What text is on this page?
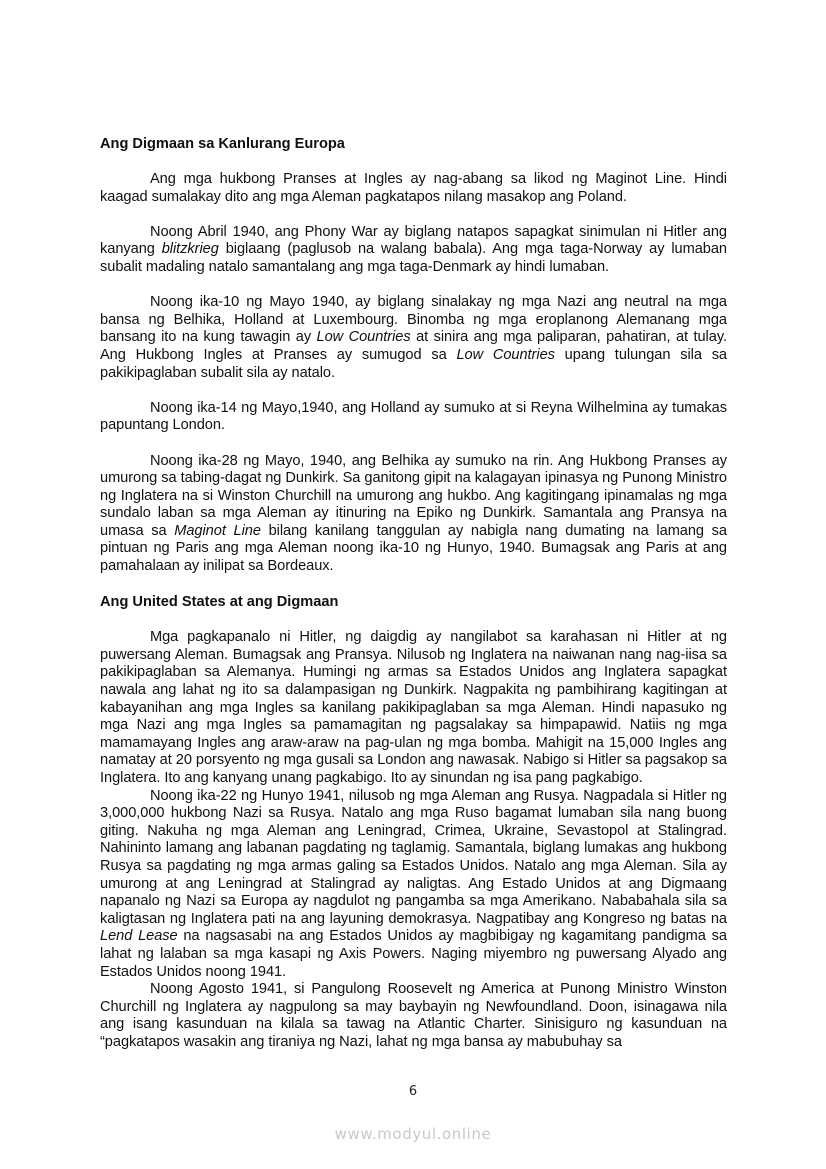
Ang Digmaan sa Kanlurang Europa

Ang mga hukbong Pranses at Ingles ay nag-abang sa likod ng Maginot Line. Hindi kaagad sumalakay dito ang mga Aleman pagkatapos nilang masakop ang Poland.

Noong Abril 1940, ang Phony War ay biglang natapos sapagkat sinimulan ni Hitler ang kanyang blitzkrieg biglaang (paglusob na walang babala). Ang mga taga-Norway ay lumaban subalit madaling natalo samantalang ang mga taga-Denmark ay hindi lumaban.

Noong ika-10 ng Mayo 1940, ay biglang sinalakay ng mga Nazi ang neutral na mga bansa ng Belhika, Holland at Luxembourg. Binomba ng mga eroplanong Alemanang mga bansang ito na kung tawagin ay Low Countries at sinira ang mga paliparan, pahatiran, at tulay. Ang Hukbong Ingles at Pranses ay sumugod sa Low Countries upang tulungan sila sa pakikipaglaban subalit sila ay natalo.

Noong ika-14 ng Mayo,1940, ang Holland ay sumuko at si Reyna Wilhelmina ay tumakas papuntang London.

Noong ika-28 ng Mayo, 1940, ang Belhika ay sumuko na rin. Ang Hukbong Pranses ay umurong sa tabing-dagat ng Dunkirk. Sa ganitong gipit na kalagayan ipinasya ng Punong Ministro ng Inglatera na si Winston Churchill na umurong ang hukbo. Ang kagitingang ipinamalas ng mga sundalo laban sa mga Aleman ay itinuring na Epiko ng Dunkirk. Samantala ang Pransya na umasa sa Maginot Line bilang kanilang tanggulan ay nabigla nang dumating na lamang sa pintuan ng Paris ang mga Aleman noong ika-10 ng Hunyo, 1940. Bumagsak ang Paris at ang pamahalaan ay inilipat sa Bordeaux.

Ang United States at ang Digmaan

Mga pagkapanalo ni Hitler, ng daigdig ay nangilabot sa karahasan ni Hitler at ng puwersang Aleman. Bumagsak ang Pransya. Nilusob ng Inglatera na naiwanan nang nag-iisa sa pakikipaglaban sa Alemanya. Humingi ng armas sa Estados Unidos ang Inglatera sapagkat nawala ang lahat ng ito sa dalampasigan ng Dunkirk. Nagpakita ng pambihirang kagitingan at kabayanihan ang mga Ingles sa kanilang pakikipaglaban sa mga Aleman. Hindi napasuko ng mga Nazi ang mga Ingles sa pamamagitan ng pagsalakay sa himpapawid. Natiis ng mga mamamayang Ingles ang araw-araw na pag-ulan ng mga bomba. Mahigit na 15,000 Ingles ang namatay at 20 porsyento ng mga gusali sa London ang nawasak. Nabigo si Hitler sa pagsakop sa Inglatera. Ito ang kanyang unang pagkabigo. Ito ay sinundan ng isa pang pagkabigo.

Noong ika-22 ng Hunyo 1941, nilusob ng mga Aleman ang Rusya. Nagpadala si Hitler ng 3,000,000 hukbong Nazi sa Rusya. Natalo ang mga Ruso bagamat lumaban sila nang buong giting. Nakuha ng mga Aleman ang Leningrad, Crimea, Ukraine, Sevastopol at Stalingrad. Nahininto lamang ang labanan pagdating ng taglamig. Samantala, biglang lumakas ang hukbong Rusya sa pagdating ng mga armas galing sa Estados Unidos. Natalo ang mga Aleman. Sila ay umurong at ang Leningrad at Stalingrad ay naligtas. Ang Estado Unidos at ang Digmaang napanalo ng Nazi sa Europa ay nagdulot ng pangamba sa mga Amerikano. Nababahala sila sa kaligtasan ng Inglatera pati na ang layuning demokrasya. Nagpatibay ang Kongreso ng batas na Lend Lease na nagsasabi na ang Estados Unidos ay magbibigay ng kagamitang pandigma sa lahat ng lalaban sa mga kasapi ng Axis Powers. Naging miyembro ng puwersang Alyado ang Estados Unidos noong 1941.

Noong Agosto 1941, si Pangulong Roosevelt ng America at Punong Ministro Winston Churchill ng Inglatera ay nagpulong sa may baybayin ng Newfoundland. Doon, isinagawa nila ang isang kasunduan na kilala sa tawag na Atlantic Charter. Sinisiguro ng kasunduan na “pagkatapos wasakin ang tiraniya ng Nazi, lahat ng mga bansa ay mabubuhay sa

6
www.modyul.online
